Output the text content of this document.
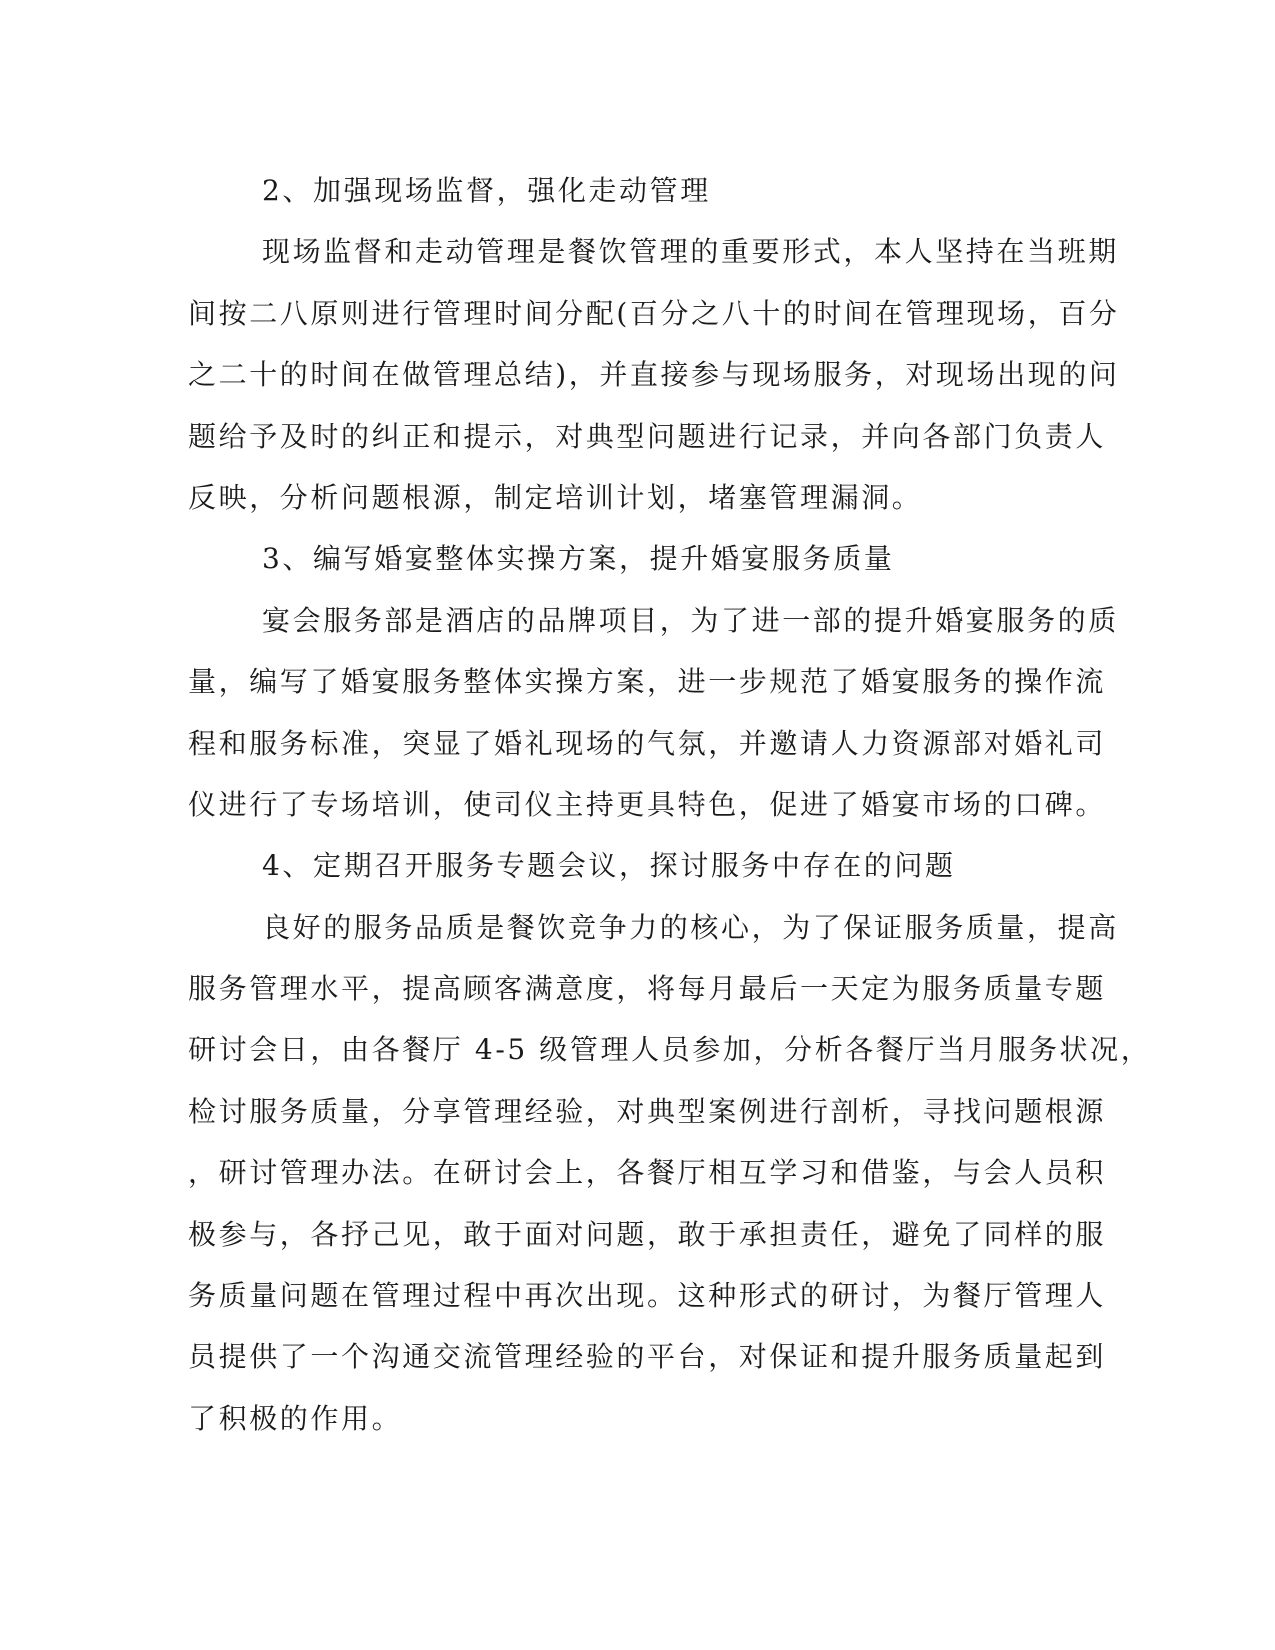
2、加强现场监督，强化走动管理
现场监督和走动管理是餐饮管理的重要形式，本人坚持在当班期
间按二八原则进行管理时间分配(百分之八十的时间在管理现场，百分
之二十的时间在做管理总结)，并直接参与现场服务，对现场出现的问
题给予及时的纠正和提示，对典型问题进行记录，并向各部门负责人
反映，分析问题根源，制定培训计划，堵塞管理漏洞。
3、编写婚宴整体实操方案，提升婚宴服务质量
宴会服务部是酒店的品牌项目，为了进一部的提升婚宴服务的质
量，编写了婚宴服务整体实操方案，进一步规范了婚宴服务的操作流
程和服务标准，突显了婚礼现场的气氛，并邀请人力资源部对婚礼司
仪进行了专场培训，使司仪主持更具特色，促进了婚宴市场的口碑。
4、定期召开服务专题会议，探讨服务中存在的问题
良好的服务品质是餐饮竞争力的核心，为了保证服务质量，提高
服务管理水平，提高顾客满意度，将每月最后一天定为服务质量专题
研讨会日，由各餐厅 4-5 级管理人员参加，分析各餐厅当月服务状况，
检讨服务质量，分享管理经验，对典型案例进行剖析，寻找问题根源
，研讨管理办法。在研讨会上，各餐厅相互学习和借鉴，与会人员积
极参与，各抒己见，敢于面对问题，敢于承担责任，避免了同样的服
务质量问题在管理过程中再次出现。这种形式的研讨，为餐厅管理人
员提供了一个沟通交流管理经验的平台，对保证和提升服务质量起到
了积极的作用。
